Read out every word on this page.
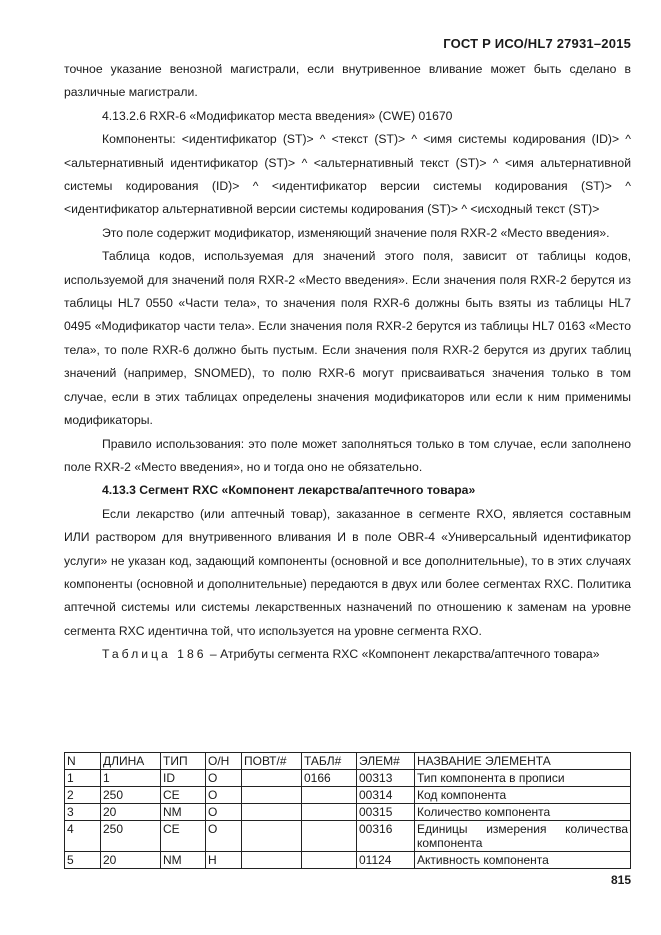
ГОСТ Р ИСО/HL7 27931–2015

точное указание венозной магистрали, если внутривенное вливание может быть сделано в различные магистрали.

4.13.2.6 RXR-6 «Модификатор места введения» (CWE) 01670

Компоненты: <идентификатор (ST)> ^ <текст (ST)> ^ <имя системы кодирования (ID)> ^ <альтернативный идентификатор (ST)> ^ <альтернативный текст (ST)> ^ <имя альтернативной системы кодирования (ID)> ^ <идентификатор версии системы кодирования (ST)> ^ <идентификатор альтернативной версии системы кодирования (ST)> ^ <исходный текст (ST)>

Это поле содержит модификатор, изменяющий значение поля RXR-2 «Место введения».

Таблица кодов, используемая для значений этого поля, зависит от таблицы кодов, используемой для значений поля RXR-2 «Место введения». Если значения поля RXR-2 берутся из таблицы HL7 0550 «Части тела», то значения поля RXR-6 должны быть взяты из таблицы HL7 0495 «Модификатор части тела». Если значения поля RXR-2 берутся из таблицы HL7 0163 «Место тела», то поле RXR-6 должно быть пустым. Если значения поля RXR-2 берутся из других таблиц значений (например, SNOMED), то полю RXR-6 могут присваиваться значения только в том случае, если в этих таблицах определены значения модификаторов или если к ним применимы модификаторы.

Правило использования: это поле может заполняться только в том случае, если заполнено поле RXR-2 «Место введения», но и тогда оно не обязательно.

4.13.3 Сегмент RXC «Компонент лекарства/аптечного товара»

Если лекарство (или аптечный товар), заказанное в сегменте RXO, является составным ИЛИ раствором для внутривенного вливания И в поле OBR-4 «Универсальный идентификатор услуги» не указан код, задающий компоненты (основной и все дополнительные), то в этих случаях компоненты (основной и дополнительные) передаются в двух или более сегментах RXC. Политика аптечной системы или системы лекарственных назначений по отношению к заменам на уровне сегмента RXC идентична той, что используется на уровне сегмента RXO.

Таблица 186 – Атрибуты сегмента RXC «Компонент лекарства/аптечного товара»

N	ДЛИНА	ТИП	О/Н	ПОВТ/#	ТАБЛ#	ЭЛЕМ#	НАЗВАНИЕ ЭЛЕМЕНТА
1	1	ID	О		0166	00313	Тип компонента в прописи
2	250	CE	О			00314	Код компонента
3	20	NM	О			00315	Количество компонента
4	250	CE	О			00316	Единицы измерения количества компонента
5	20	NM	Н			01124	Активность компонента
815
